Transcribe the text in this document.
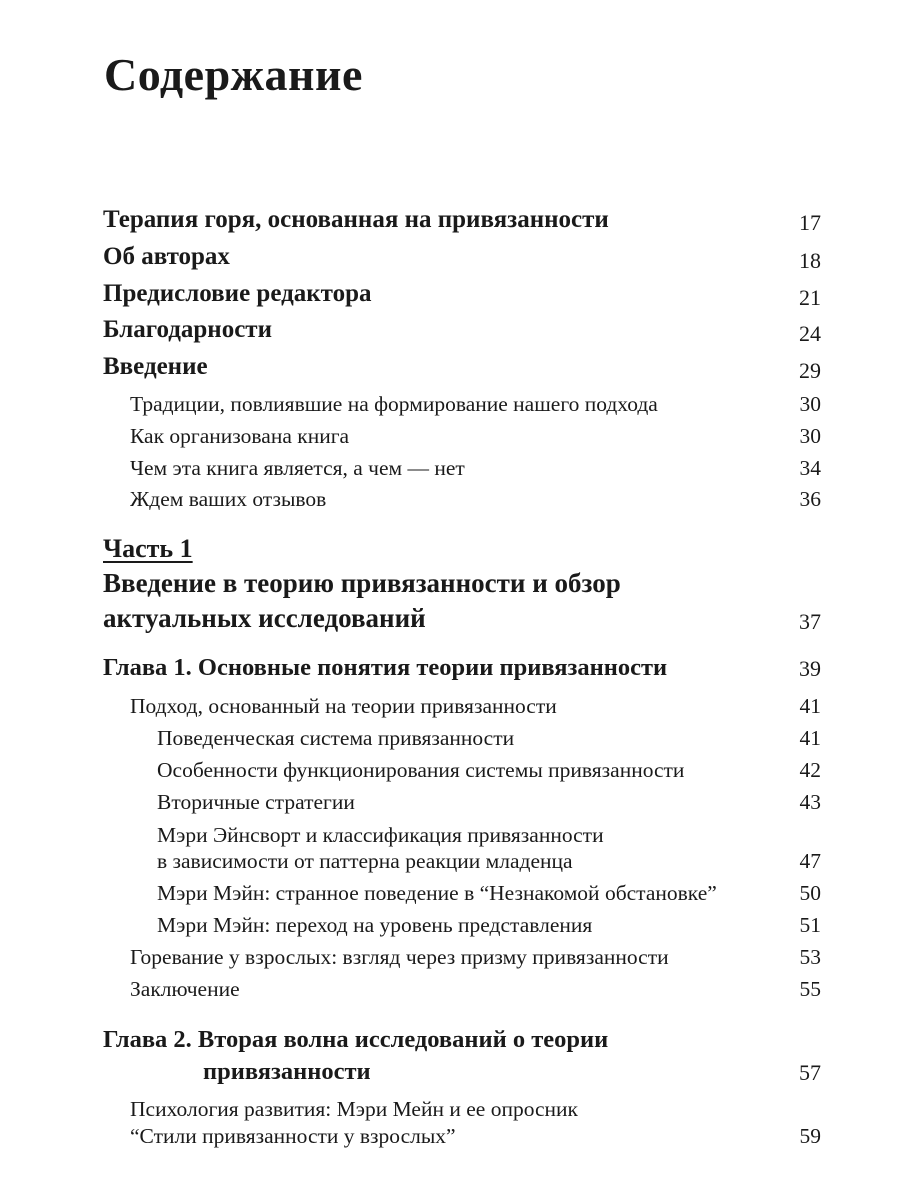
Содержание
Терапия горя, основанная на привязанности	17
Об авторах	18
Предисловие редактора	21
Благодарности	24
Введение	29
Традиции, повлиявшие на формирование нашего подхода	30
Как организована книга	30
Чем эта книга является, а чем — нет	34
Ждем ваших отзывов	36
Часть 1
Введение в теорию привязанности и обзор
актуальных исследований	37
Глава 1. Основные понятия теории привязанности	39
Подход, основанный на теории привязанности	41
Поведенческая система привязанности	41
Особенности функционирования системы привязанности	42
Вторичные стратегии	43
Мэри Эйнсворт и классификация привязанности
в зависимости от паттерна реакции младенца	47
Мэри Мэйн: странное поведение в “Незнакомой обстановке”	50
Мэри Мэйн: переход на уровень представления	51
Горевание у взрослых: взгляд через призму привязанности	53
Заключение	55
Глава 2. Вторая волна исследований о теории
привязанности	57
Психология развития: Мэри Мейн и ее опросник
“Стили привязанности у взрослых”	59
